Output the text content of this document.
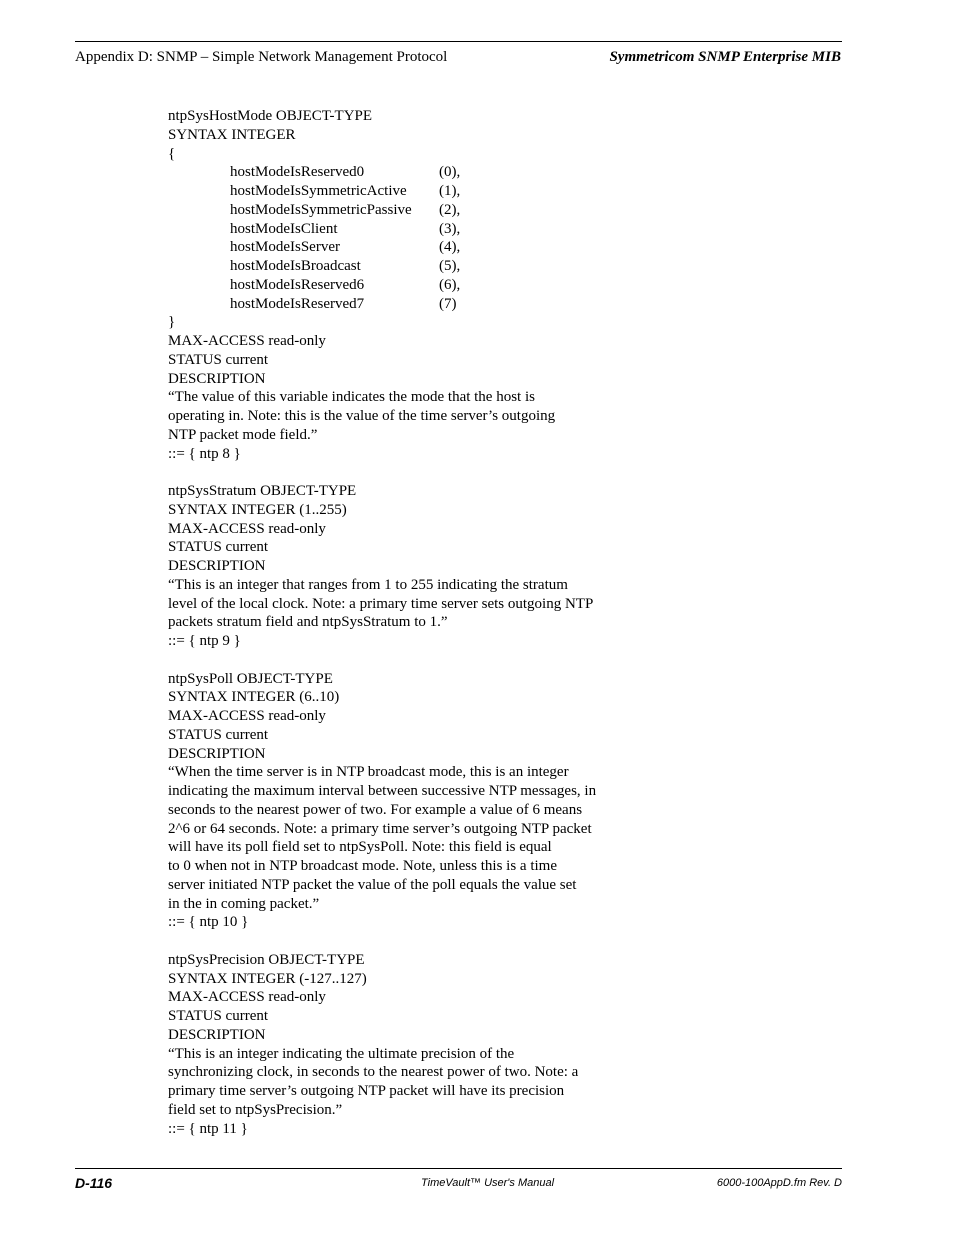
Appendix D: SNMP – Simple Network Management Protocol	Symmetricom SNMP Enterprise MIB
ntpSysHostMode OBJECT-TYPE
SYNTAX INTEGER
{
hostModeIsReserved0	(0),
hostModeIsSymmetricActive (1),
hostModeIsSymmetricPassive (2),
hostModeIsClient	(3),
hostModeIsServer	(4),
hostModeIsBroadcast	(5),
hostModeIsReserved6	(6),
hostModeIsReserved7	(7)
}
MAX-ACCESS read-only
STATUS current
DESCRIPTION
“The value of this variable indicates the mode that the host is
operating in. Note: this is the value of the time server’s outgoing
NTP packet mode field.”
::= { ntp 8 }
ntpSysStratum OBJECT-TYPE
SYNTAX INTEGER (1..255)
MAX-ACCESS read-only
STATUS current
DESCRIPTION
“This is an integer that ranges from 1 to 255 indicating the stratum
level of the local clock. Note: a primary time server sets outgoing NTP
packets stratum field and ntpSysStratum to 1.”
::= { ntp 9 }
ntpSysPoll OBJECT-TYPE
SYNTAX INTEGER (6..10)
MAX-ACCESS read-only
STATUS current
DESCRIPTION
“When the time server is in NTP broadcast mode, this is an integer
indicating the maximum interval between successive NTP messages, in
seconds to the nearest power of two. For example a value of 6 means
2^6 or 64 seconds. Note: a primary time server’s outgoing NTP packet
will have its poll field set to ntpSysPoll. Note: this field is equal
to 0 when not in NTP broadcast mode. Note, unless this is a time
server initiated NTP packet the value of the poll equals the value set
in the in coming packet.”
::= { ntp 10 }
ntpSysPrecision OBJECT-TYPE
SYNTAX INTEGER (-127..127)
MAX-ACCESS read-only
STATUS current
DESCRIPTION
“This is an integer indicating the ultimate precision of the
synchronizing clock, in seconds to the nearest power of two. Note: a
primary time server’s outgoing NTP packet will have its precision
field set to ntpSysPrecision.”
::= { ntp 11 }
D-116	TimeVault™ User's Manual	6000-100AppD.fm Rev. D
